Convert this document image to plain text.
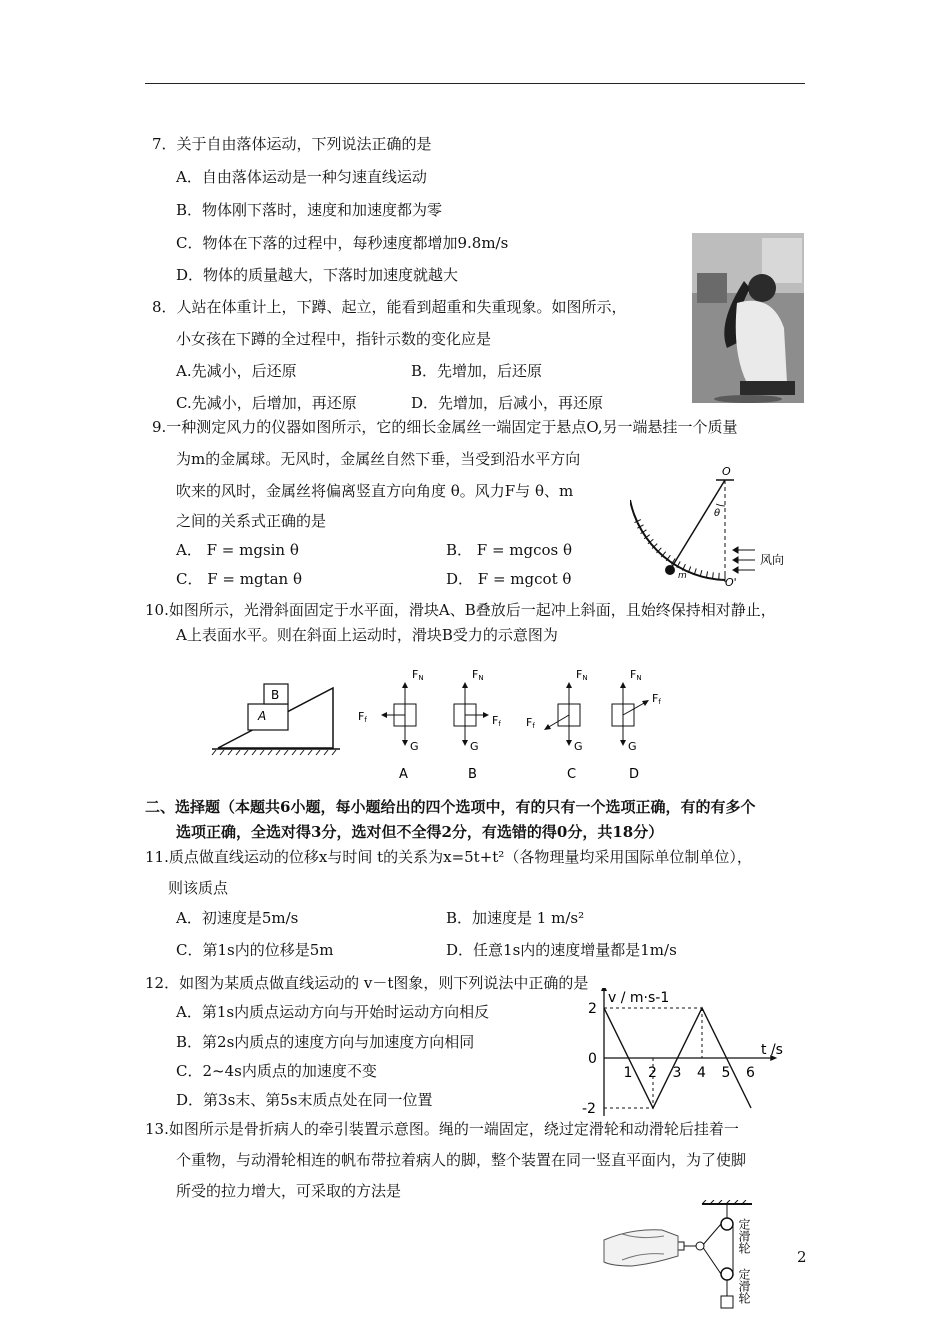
7．关于自由落体运动，下列说法正确的是
A．自由落体运动是一种匀速直线运动
B．物体刚下落时，速度和加速度都为零
C．物体在下落的过程中，每秒速度都增加9.8m/s
D．物体的质量越大，下落时加速度就越大
8．人站在体重计上，下蹲、起立，能看到超重和失重现象。如图所示，
小女孩在下蹲的全过程中，指针示数的变化应是
A.先减小，后还原	B．先增加，后还原
C.先减小，后增加，再还原	D．先增加，后减小，再还原
9.一种测定风力的仪器如图所示，它的细长金属丝一端固定于悬点O,另一端悬挂一个质量
为m的金属球。无风时，金属丝自然下垂，当受到沿水平方向
吹来的风时，金属丝将偏离竖直方向角度 θ。风力F与 θ、m
之间的关系式正确的是
A． F = mgsin θ	B． F = mgcos θ
C． F = mgtan θ	D． F = mgcot θ
O
θ
m	O'
风向
10.如图所示，光滑斜面固定于水平面，滑块A、B叠放后一起冲上斜面，且始终保持相对静止，
A上表面水平。则在斜面上运动时，滑块B受力的示意图为
A
B
FN
Ff
G
A
FN
Ff
G
B
FN
Ff
G
C
FN
Ff
G
D
二、选择题（本题共6小题，每小题给出的四个选项中，有的只有一个选项正确，有的有多个
选项正确，全选对得3分，选对但不全得2分，有选错的得0分，共18分）
11.质点做直线运动的位移x与时间 t的关系为x=5t+t²（各物理量均采用国际单位制单位），
则该质点
A．初速度是5m/s	B．加速度是 1 m/s²
C．第1s内的位移是5m	D．任意1s内的速度增量都是1m/s
12．如图为某质点做直线运动的 v－t图象，则下列说法中正确的是
A．第1s内质点运动方向与开始时运动方向相反
B．第2s内质点的速度方向与加速度方向相同
C．2~4s内质点的加速度不变
D．第3s末、第5s末质点处在同一位置
1 2 3 4 5 6
2
0
-2
v / m·s-1
t /s
13.如图所示是骨折病人的牵引装置示意图。绳的一端固定，绕过定滑轮和动滑轮后挂着一
个重物，与动滑轮相连的帆布带拉着病人的脚，整个装置在同一竖直平面内，为了使脚
所受的拉力增大，可采取的方法是
定滑轮
定滑轮
2
